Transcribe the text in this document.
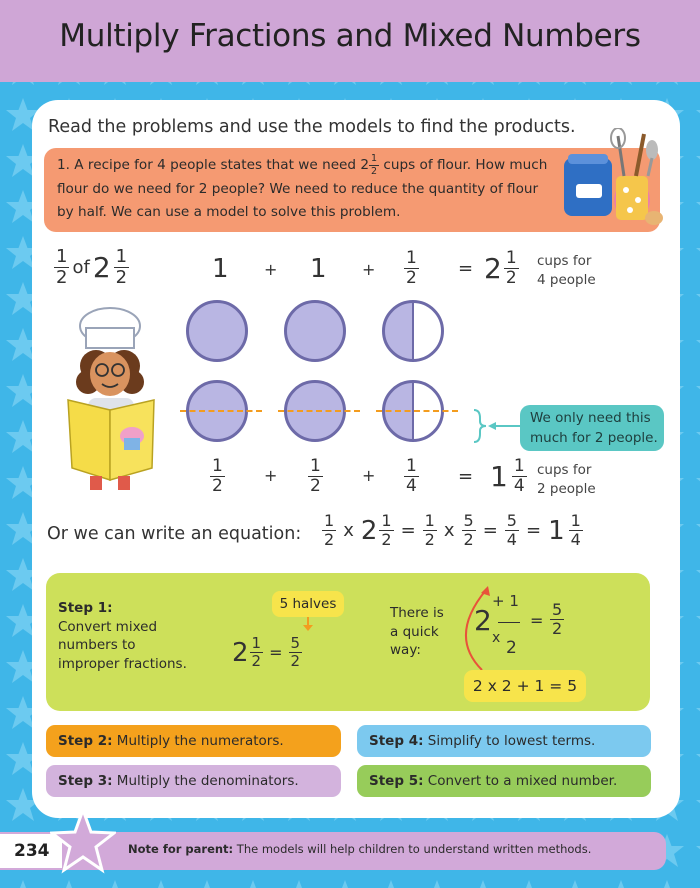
Multiply Fractions and Mixed Numbers
Read the problems and use the models to find the products.

1. A recipe for 4 people states that we need $2 \frac{1}{2}$ cups of flour. How much flour do we need for 2 people? We need to reduce the quantity of flour by half. We can use a model to solve this problem.

$\frac{1}{2}$ of $2 \frac{1}{2}$	$1 + 1 + \frac{1}{2} = 2 \frac{1}{2}$ cups for
4 people

We only need this much for 2 people.

$\frac{1}{2} + \frac{1}{2} + \frac{1}{4} = 1 \frac{1}{4}$ cups for
2 people
Or we can write an equation: $\frac{1}{2}$ x $2 \frac{1}{2} = \frac{1}{2}$ x $\frac{5}{2} = \frac{5}{4} = 1 \frac{1}{4}$
Step 1:
Convert mixed
numbers to
improper fractions.
5 halves
$2 \frac{1}{2} = \frac{5}{2}$
There is
a quick
way:
2
+ 1
x 2
= $\frac{5}{2}$
2 x 2 + 1 = 5
Step 2: Multiply the numerators.
Step 3: Multiply the denominators.
Step 4: Simplify to lowest terms.
Step 5: Convert to a mixed number.
Note for parent: The models will help children to understand written methods.
234
